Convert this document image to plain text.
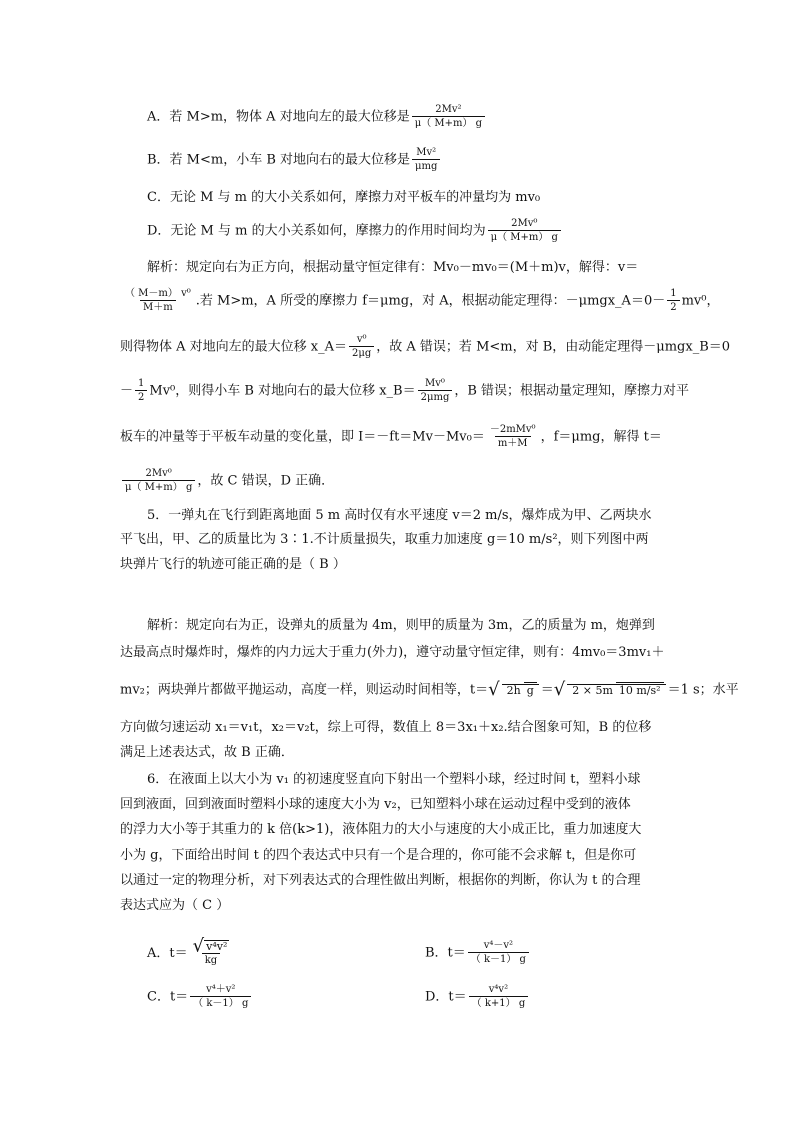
A．若 M>m，物体 A 对地向左的最大位移是 $\frac{\text{2Mv²}}{\mu( M+m) g}$
B．若 M<m，小车 B 对地向右的最大位移是 $\frac{\text{Mv²}}{\text{μmg}}$
C．无论 M 与 m 的大小关系如何，摩擦力对平板车的冲量均为 mv₀
D．无论 M 与 m 的大小关系如何，摩擦力的作用时间均为 $\frac{\text{2Mv⁰}}{\mu( M+m) g}$
解析：规定向右为正方向，根据动量守恒定律有：Mv₀－mv₀＝(M＋m)v，解得：v＝
$\frac{\text{（ M－m） v⁰}}{M+m}$ .若 M>m，A 所受的摩擦力 f＝μmg，对 A，根据动能定理得：－μmgx_A＝0－ $\frac{1}{2} mv^0$，
则得物体 A 对地向左的最大位移 x_A＝ $\frac{\text{v⁰}}{2\mu g}$ ，故 A 错误；若 M<m，对 B，由动能定理得－μmgx_B＝0
－ $\frac{1}{2} Mv^0$，则得小车 B 对地向右的最大位移 x_B＝ $\frac{\text{Mv⁰}}{\text{2μmg}}$ ，B 错误；根据动量定理知，摩擦力对平
板车的冲量等于平板车动量的变化量，即 $I=-ft=Mv-Mv_0= \frac{\text{－2mMv⁰}}{m+M}$ ，f＝μmg，解得 t＝
$\frac{\text{2Mv⁰}}{\mu( M+m) g}$ ，故 C 错误，D 正确．
5．一弹丸在飞行到距离地面 5 m 高时仅有水平速度 v＝2 m/s，爆炸成为甲、乙两块水
平飞出，甲、乙的质量比为 3∶1.不计质量损失，取重力加速度 g＝10 m/s²，则下列图中两
块弹片飞行的轨迹可能正确的是（ B ）
解析：规定向右为正，设弹丸的质量为 4m，则甲的质量为 3m，乙的质量为 m，炮弹到
达最高点时爆炸时，爆炸的内力远大于重力(外力)，遵守动量守恒定律，则有：4mv₀＝3mv₁＋
mv₂；两块弹片都做平抛运动，高度一样，则运动时间相等，t＝√ 2h g ＝√ 2 × 5m 10 m/s² ＝1 s；水平
方向做匀速运动 x₁＝v₁t，x₂＝v₂t，综上可得，数值上 8＝3x₁＋x₂.结合图象可知，B 的位移
满足上述表达式，故 B 正确．
6．在液面上以大小为 v₁ 的初速度竖直向下射出一个塑料小球，经过时间 t，塑料小球
回到液面，回到液面时塑料小球的速度大小为 v₂，已知塑料小球在运动过程中受到的液体
的浮力大小等于其重力的 k 倍(k>1)，液体阻力的大小与速度的大小成正比，重力加速度大
小为 g，下面给出时间 t 的四个表达式中只有一个是合理的，你可能不会求解 t，但是你可
以通过一定的物理分析，对下列表达式的合理性做出判断，根据你的判断，你认为 t 的合理
表达式应为（ C ）
A．$t= \frac{\text{√ v⁴v²}}{kg}$	B．$t= \frac{\text{v⁴－v²}}{( k-1) g}$
C．$t= \frac{\text{v⁴＋v²}}{( k-1) g}$	D．$t= \frac{\text{v⁴v²}}{( k+1) g}$
